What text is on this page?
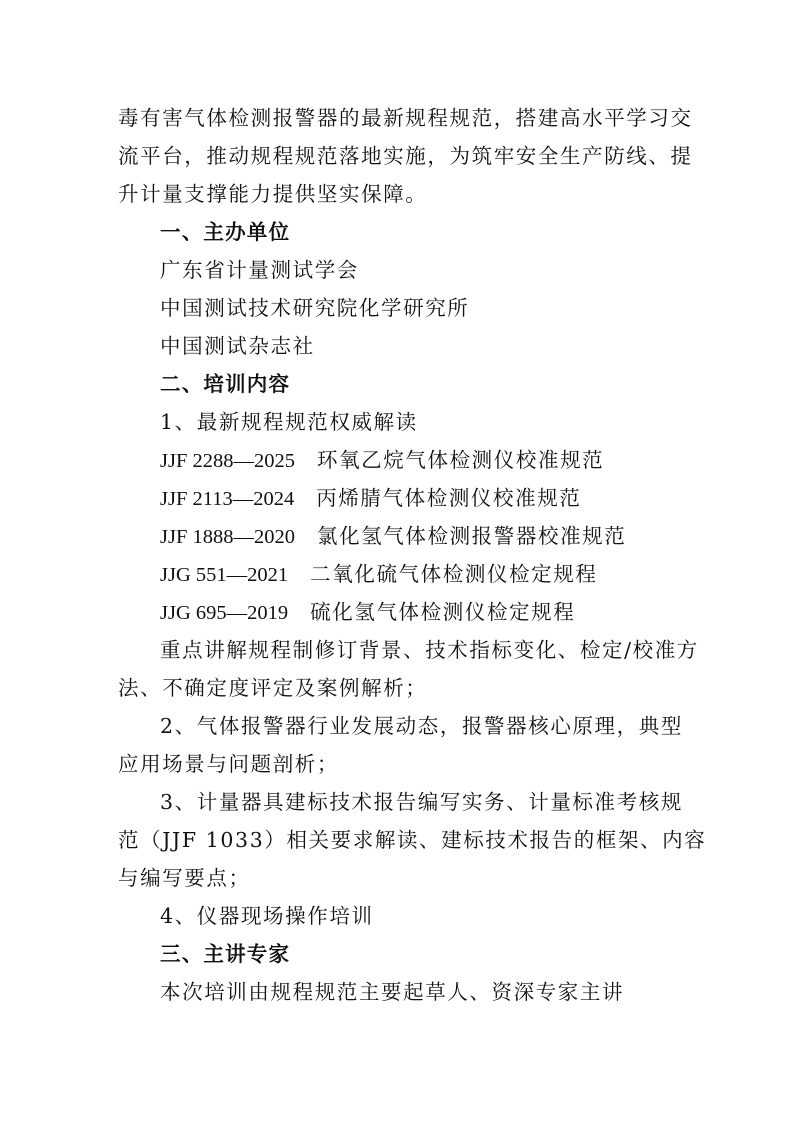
毒有害气体检测报警器的最新规程规范，搭建高水平学习交
流平台，推动规程规范落地实施，为筑牢安全生产防线、提
升计量支撑能力提供坚实保障。
一、主办单位
广东省计量测试学会
中国测试技术研究院化学研究所
中国测试杂志社
二、培训内容
1、最新规程规范权威解读
JJF 2288—2025 环氧乙烷气体检测仪校准规范
JJF 2113—2024 丙烯腈气体检测仪校准规范
JJF 1888—2020 氯化氢气体检测报警器校准规范
JJG 551—2021 二氧化硫气体检测仪检定规程
JJG 695—2019 硫化氢气体检测仪检定规程
重点讲解规程制修订背景、技术指标变化、检定/校准方
法、不确定度评定及案例解析；
2、气体报警器行业发展动态，报警器核心原理，典型
应用场景与问题剖析；
3、计量器具建标技术报告编写实务、计量标准考核规
范（JJF 1033）相关要求解读、建标技术报告的框架、内容
与编写要点；
4、仪器现场操作培训
三、主讲专家
本次培训由规程规范主要起草人、资深专家主讲
